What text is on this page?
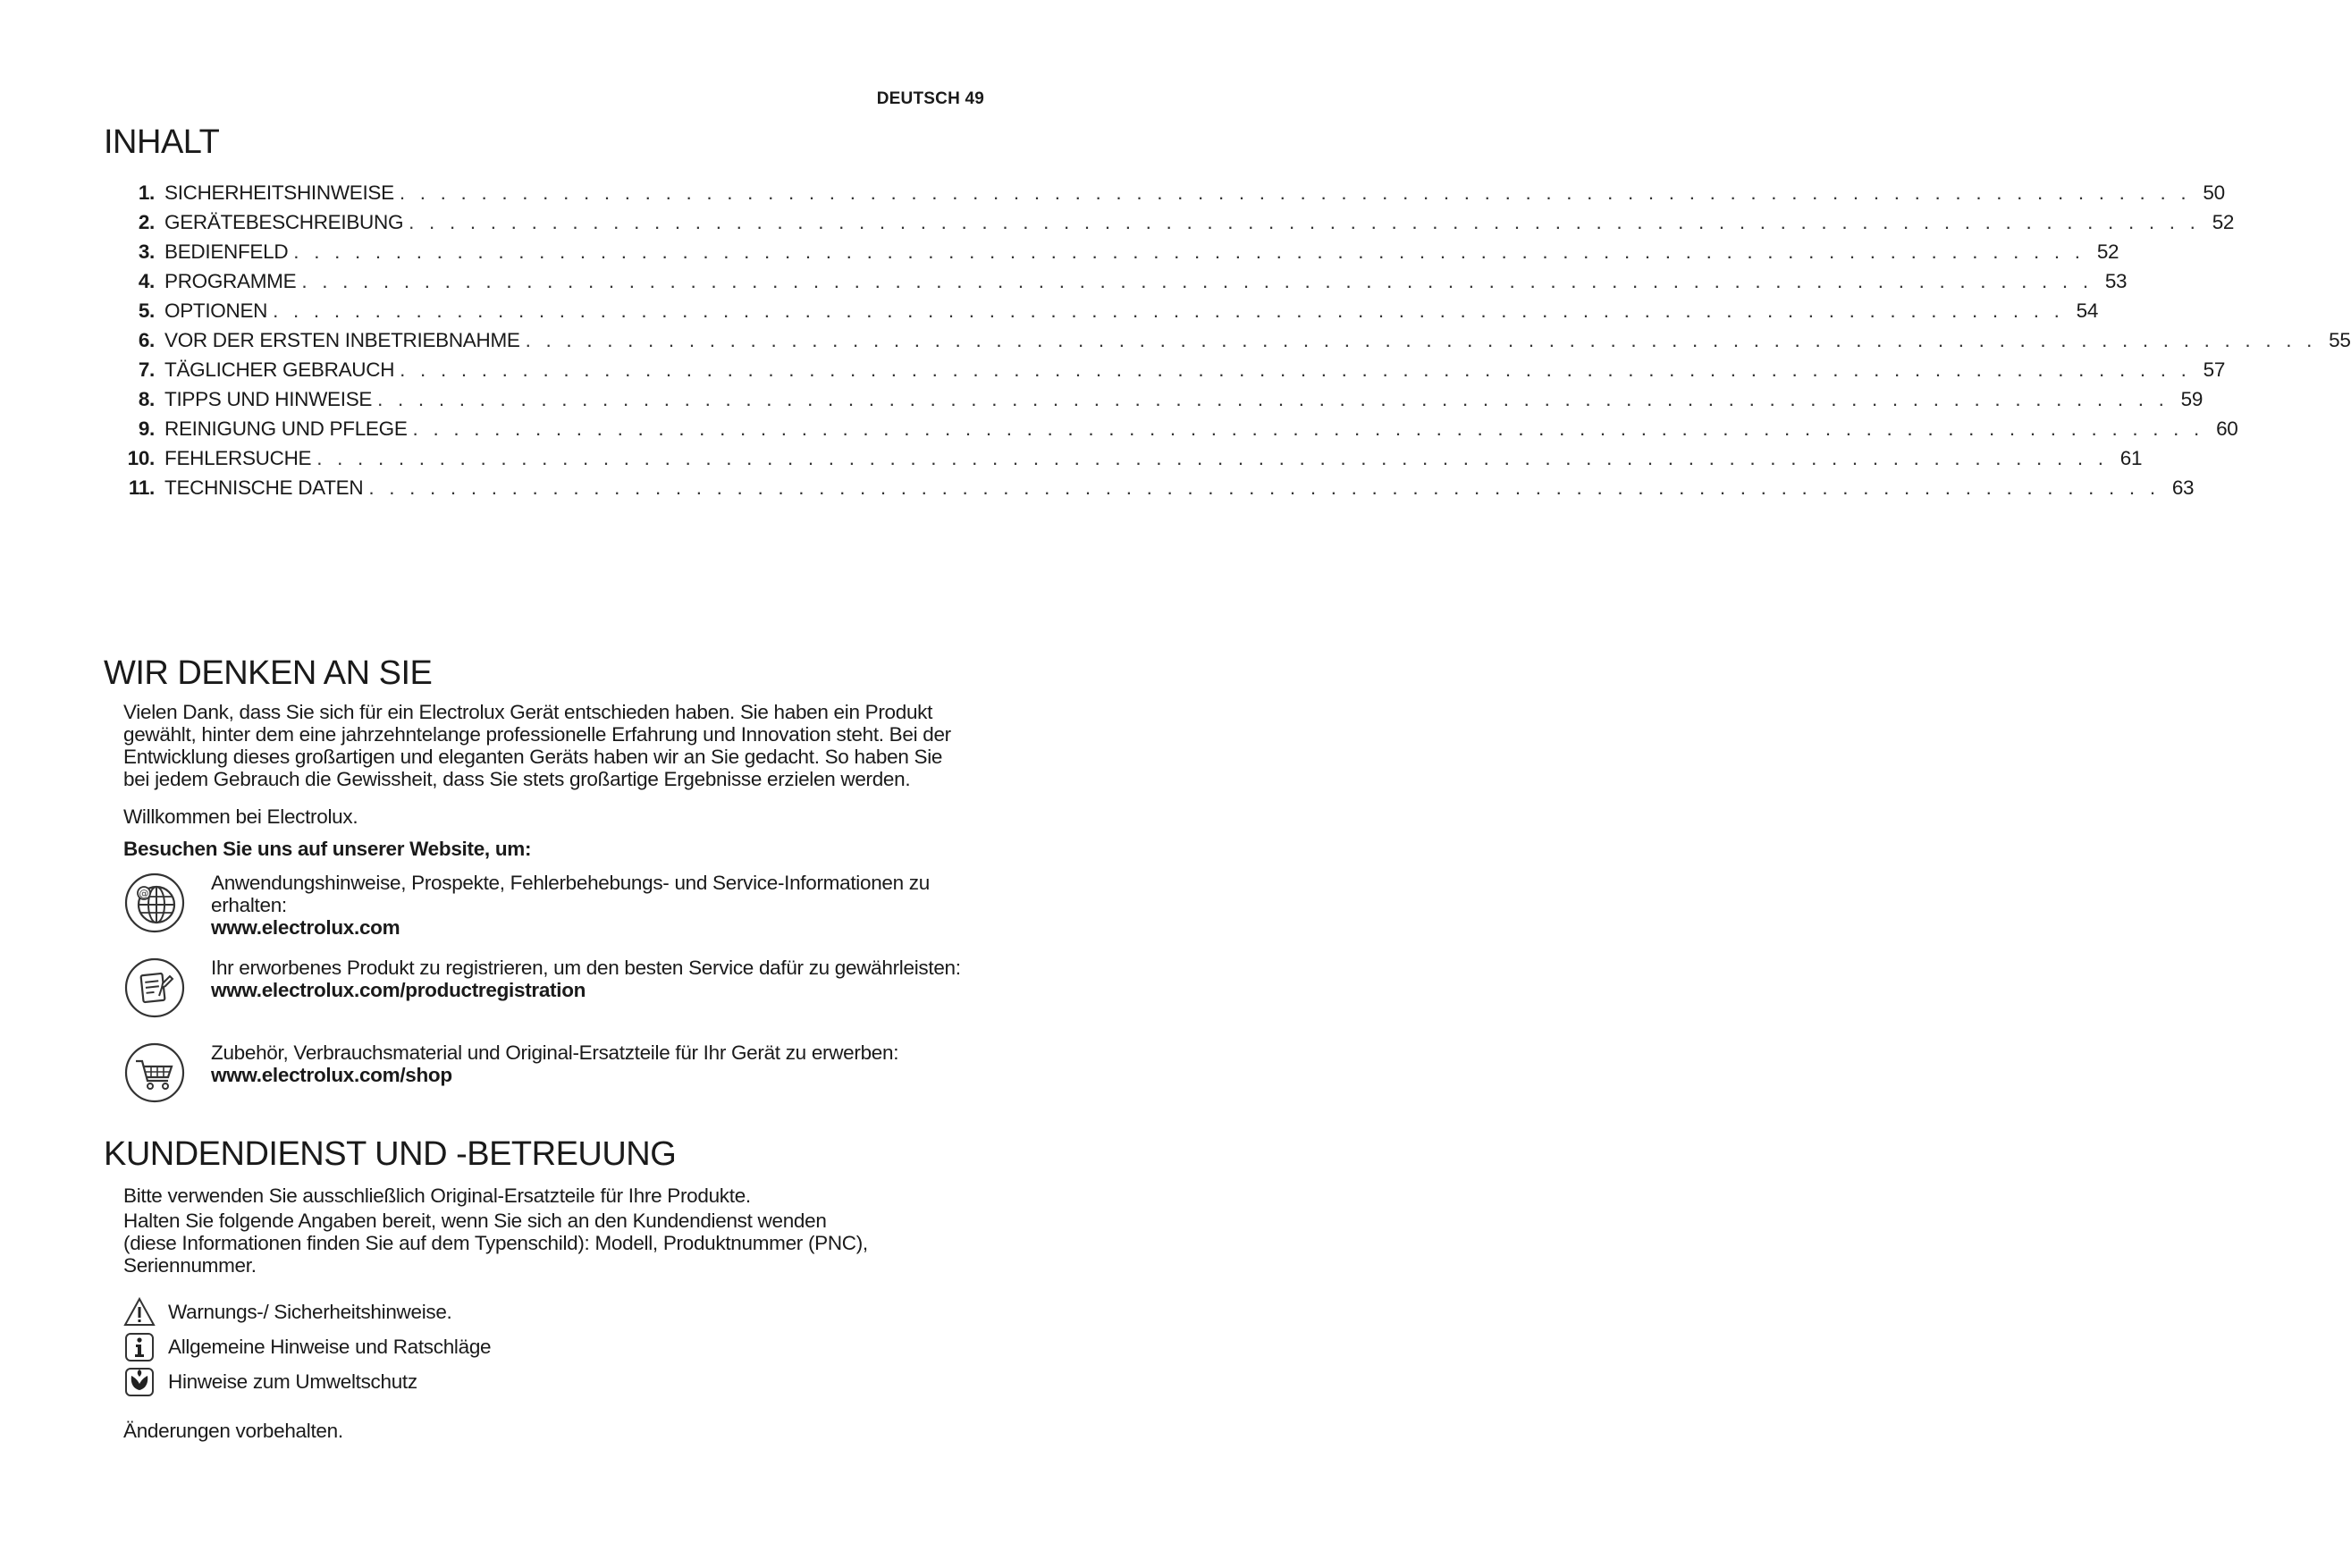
DEUTSCH 49
INHALT
1. SICHERHEITSHINWEISE . . . . . . . . . . . . . . . . . . . . . . . . . . . . . . . . . . . . . . . . . . . . . . . . . . . . . . . . . . . . . . . . . . . . . . . . . . . . . . . . . . . . . . . . 50
2. GERÄTEBESCHREIBUNG . . . . . . . . . . . . . . . . . . . . . . . . . . . . . . . . . . . . . . . . . . . . . . . . . . . . . . . . . . . . . . . . . . . . . . . . . . . . . . . . . . . . . . . . 52
3. BEDIENFELD . . . . . . . . . . . . . . . . . . . . . . . . . . . . . . . . . . . . . . . . . . . . . . . . . . . . . . . . . . . . . . . . . . . . . . . . . . . . . . . . . . . . . . . . 52
4. PROGRAMME . . . . . . . . . . . . . . . . . . . . . . . . . . . . . . . . . . . . . . . . . . . . . . . . . . . . . . . . . . . . . . . . . . . . . . . . . . . . . . . . . . . . . . . . 53
5. OPTIONEN . . . . . . . . . . . . . . . . . . . . . . . . . . . . . . . . . . . . . . . . . . . . . . . . . . . . . . . . . . . . . . . . . . . . . . . . . . . . . . . . . . . . . . . . 54
6. VOR DER ERSTEN INBETRIEBNAHME . . . . . . . . . . . . . . . . . . . . . . . . . . . . . . . . . . . . . . . . . . . . . . . . . . . . . . . . . . . . . . . . . . . . . . . . . . . . . . . . . . . . . . . . 55
7. TÄGLICHER GEBRAUCH . . . . . . . . . . . . . . . . . . . . . . . . . . . . . . . . . . . . . . . . . . . . . . . . . . . . . . . . . . . . . . . . . . . . . . . . . . . . . . . . . . . . . . . . 57
8. TIPPS UND HINWEISE . . . . . . . . . . . . . . . . . . . . . . . . . . . . . . . . . . . . . . . . . . . . . . . . . . . . . . . . . . . . . . . . . . . . . . . . . . . . . . . . . . . . . . . . 59
9. REINIGUNG UND PFLEGE . . . . . . . . . . . . . . . . . . . . . . . . . . . . . . . . . . . . . . . . . . . . . . . . . . . . . . . . . . . . . . . . . . . . . . . . . . . . . . . . . . . . . . . . 60
10. FEHLERSUCHE . . . . . . . . . . . . . . . . . . . . . . . . . . . . . . . . . . . . . . . . . . . . . . . . . . . . . . . . . . . . . . . . . . . . . . . . . . . . . . . . . . . . . . . . 61
11. TECHNISCHE DATEN . . . . . . . . . . . . . . . . . . . . . . . . . . . . . . . . . . . . . . . . . . . . . . . . . . . . . . . . . . . . . . . . . . . . . . . . . . . . . . . . . . . . . . . . 63
WIR DENKEN AN SIE
Vielen Dank, dass Sie sich für ein Electrolux Gerät entschieden haben. Sie haben ein Produkt
gewählt, hinter dem eine jahrzehntelange professionelle Erfahrung und Innovation steht. Bei der
Entwicklung dieses großartigen und eleganten Geräts haben wir an Sie gedacht. So haben Sie
bei jedem Gebrauch die Gewissheit, dass Sie stets großartige Ergebnisse erzielen werden.
Willkommen bei Electrolux.
Besuchen Sie uns auf unserer Website, um:
@	Anwendungshinweise, Prospekte, Fehlerbehebungs- und Service-Informationen zu
erhalten:
www.electrolux.com
Ihr erworbenes Produkt zu registrieren, um den besten Service dafür zu gewährleisten:
www.electrolux.com/productregistration
Zubehör, Verbrauchsmaterial und Original-Ersatzteile für Ihr Gerät zu erwerben:
www.electrolux.com/shop
KUNDENDIENST UND -BETREUUNG

Bitte verwenden Sie ausschließlich Original-Ersatzteile für Ihre Produkte.

Halten Sie folgende Angaben bereit, wenn Sie sich an den Kundendienst wenden
(diese Informationen finden Sie auf dem Typenschild): Modell, Produktnummer (PNC),
Seriennummer.
Warnungs-/ Sicherheitshinweise.
Allgemeine Hinweise und Ratschläge
Hinweise zum Umweltschutz
Änderungen vorbehalten.
